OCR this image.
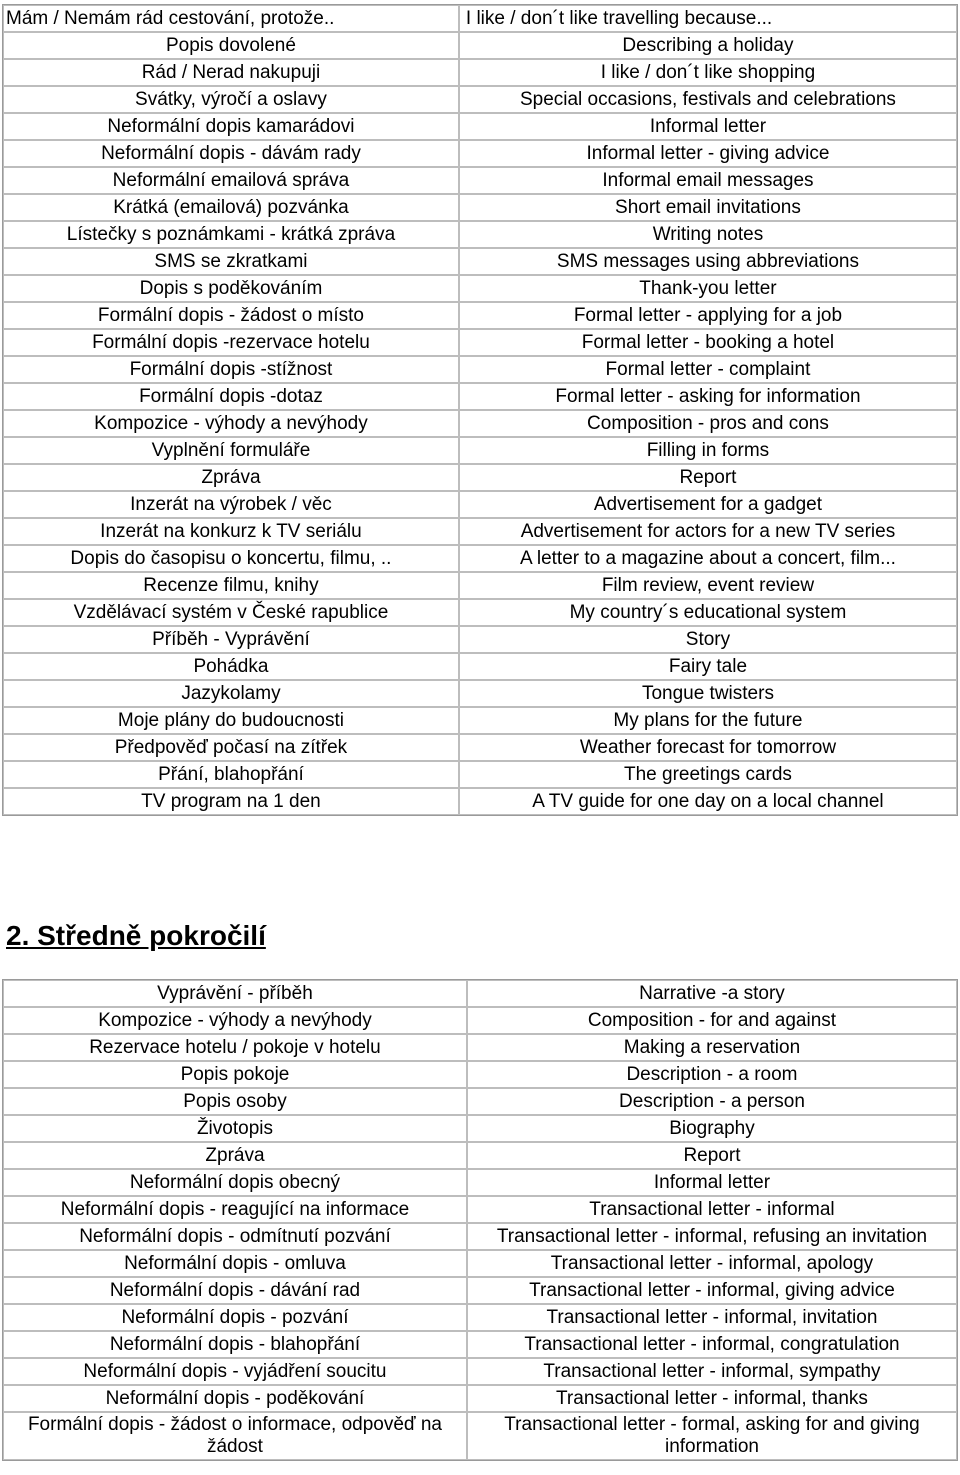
Mám / Nemám rád cestování, protože..	I like / don´t like travelling because...
Popis dovolené	Describing a holiday
Rád / Nerad nakupuji	I like / don´t like shopping
Svátky, výročí a oslavy	Special occasions, festivals and celebrations
Neformální dopis kamarádovi	Informal letter
Neformální dopis - dávám rady	Informal letter - giving advice
Neformální emailová správa	Informal email messages
Krátká (emailová) pozvánka	Short email invitations
Lístečky s poznámkami - krátká zpráva	Writing notes
SMS se zkratkami	SMS messages using abbreviations
Dopis s poděkováním	Thank-you letter
Formální dopis - žádost o místo	Formal letter - applying for a job
Formální dopis -rezervace hotelu	Formal letter - booking a hotel
Formální dopis -stížnost	Formal letter - complaint
Formální dopis -dotaz	Formal letter - asking for information
Kompozice - výhody a nevýhody	Composition - pros and cons
Vyplnění formuláře	Filling in forms
Zpráva	Report
Inzerát na výrobek / věc	Advertisement for a gadget
Inzerát na konkurz k TV seriálu	Advertisement for actors for a new TV series
Dopis do časopisu o koncertu, filmu, ..	A letter to a magazine about a concert, film...
Recenze filmu, knihy	Film review, event review
Vzdělávací systém v České rapublice	My country´s educational system
Příběh - Vyprávění	Story
Pohádka	Fairy tale
Jazykolamy	Tongue twisters
Moje plány do budoucnosti	My plans for the future
Předpověď počasí na zítřek	Weather forecast for tomorrow
Přání, blahopřání	The greetings cards
TV program na 1 den	A TV guide for one day on a local channel
2. Středně pokročilí
Vyprávění - příběh	Narrative -a story
Kompozice - výhody a nevýhody	Composition - for and against
Rezervace hotelu / pokoje v hotelu	Making a reservation
Popis pokoje	Description - a room
Popis osoby	Description - a person
Životopis	Biography
Zpráva	Report
Neformální dopis obecný	Informal letter
Neformální dopis - reagující na informace	Transactional letter - informal
Neformální dopis - odmítnutí pozvání	Transactional letter - informal, refusing an invitation
Neformální dopis - omluva	Transactional letter - informal, apology
Neformální dopis - dávání rad	Transactional letter - informal, giving advice
Neformální dopis - pozvání	Transactional letter - informal, invitation
Neformální dopis - blahopřání	Transactional letter - informal, congratulation
Neformální dopis - vyjádření soucitu	Transactional letter - informal, sympathy
Neformální dopis - poděkování	Transactional letter - informal, thanks
Formální dopis - žádost o informace, odpověď na žádost	Transactional letter - formal, asking for and giving information
